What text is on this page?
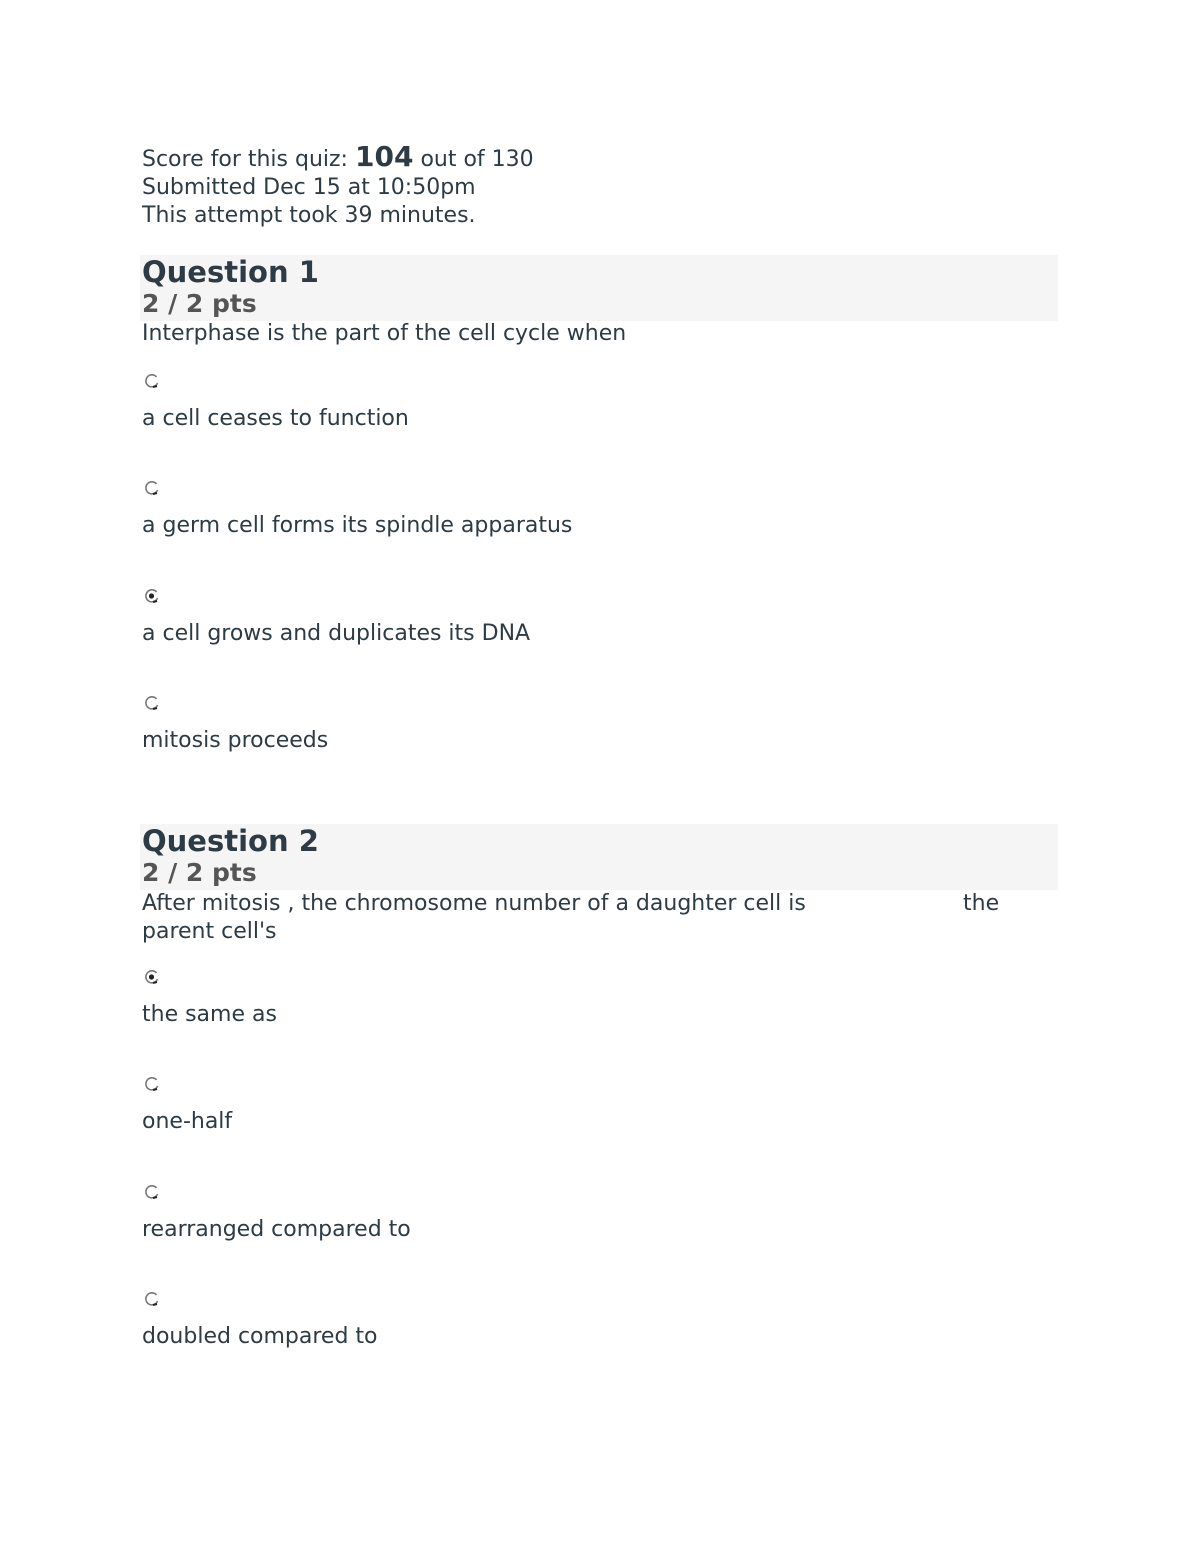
Score for this quiz: 104 out of 130
Submitted Dec 15 at 10:50pm
This attempt took 39 minutes.
Question 1
2 / 2 pts
Interphase is the part of the cell cycle when
a cell ceases to function
a germ cell forms its spindle apparatus
a cell grows and duplicates its DNA
mitosis proceeds
Question 2
2 / 2 pts
After mitosis , the chromosome number of a daughter cell is	the
parent cell's
the same as
one-half
rearranged compared to
doubled compared to
